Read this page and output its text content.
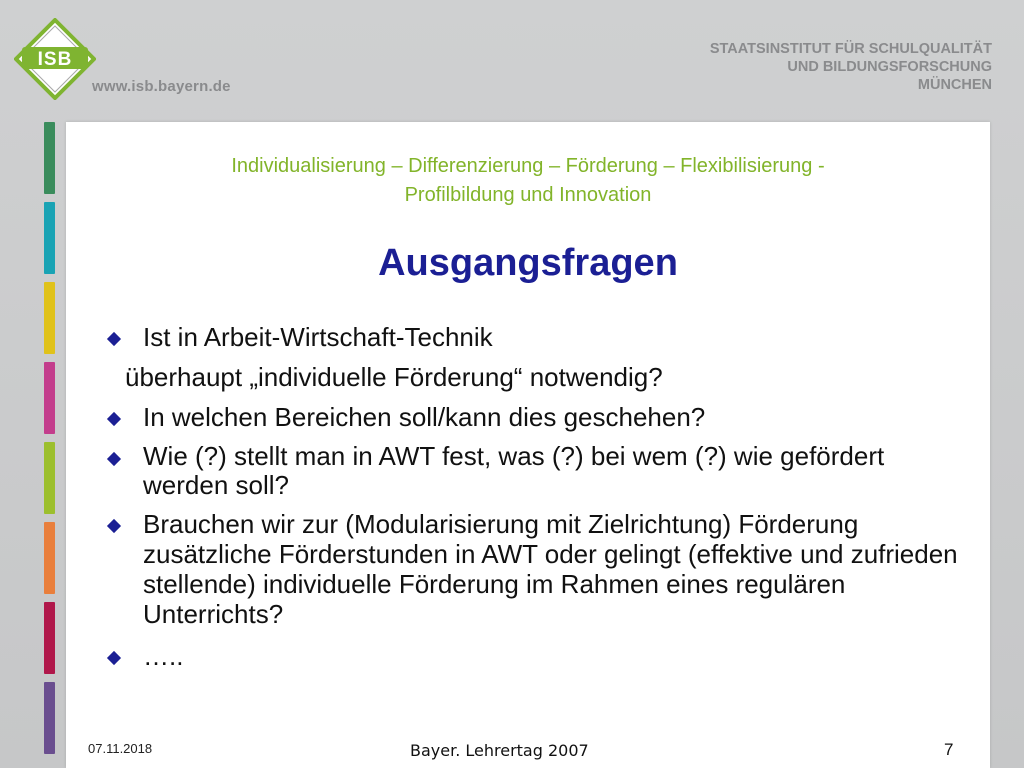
ISB
www.isb.bayern.de
STAATSINSTITUT FÜR SCHULQUALITÄT
UND BILDUNGSFORSCHUNG
MÜNCHEN
Individualisierung – Differenzierung – Förderung – Flexibilisierung -
Profilbildung und Innovation
Ausgangsfragen
Ist in Arbeit-Wirtschaft-Technik
überhaupt „individuelle Förderung“ notwendig?
In welchen Bereichen soll/kann dies geschehen?
Wie (?) stellt man in AWT fest, was (?) bei wem (?) wie gefördert werden soll?
Brauchen wir zur (Modularisierung mit Zielrichtung) Förderung zusätzliche Förderstunden in AWT oder gelingt (effektive und zufrieden stellende) individuelle Förderung im Rahmen eines regulären Unterrichts?
…..
07.11.2018	Bayer. Lehrertag 2007	7
